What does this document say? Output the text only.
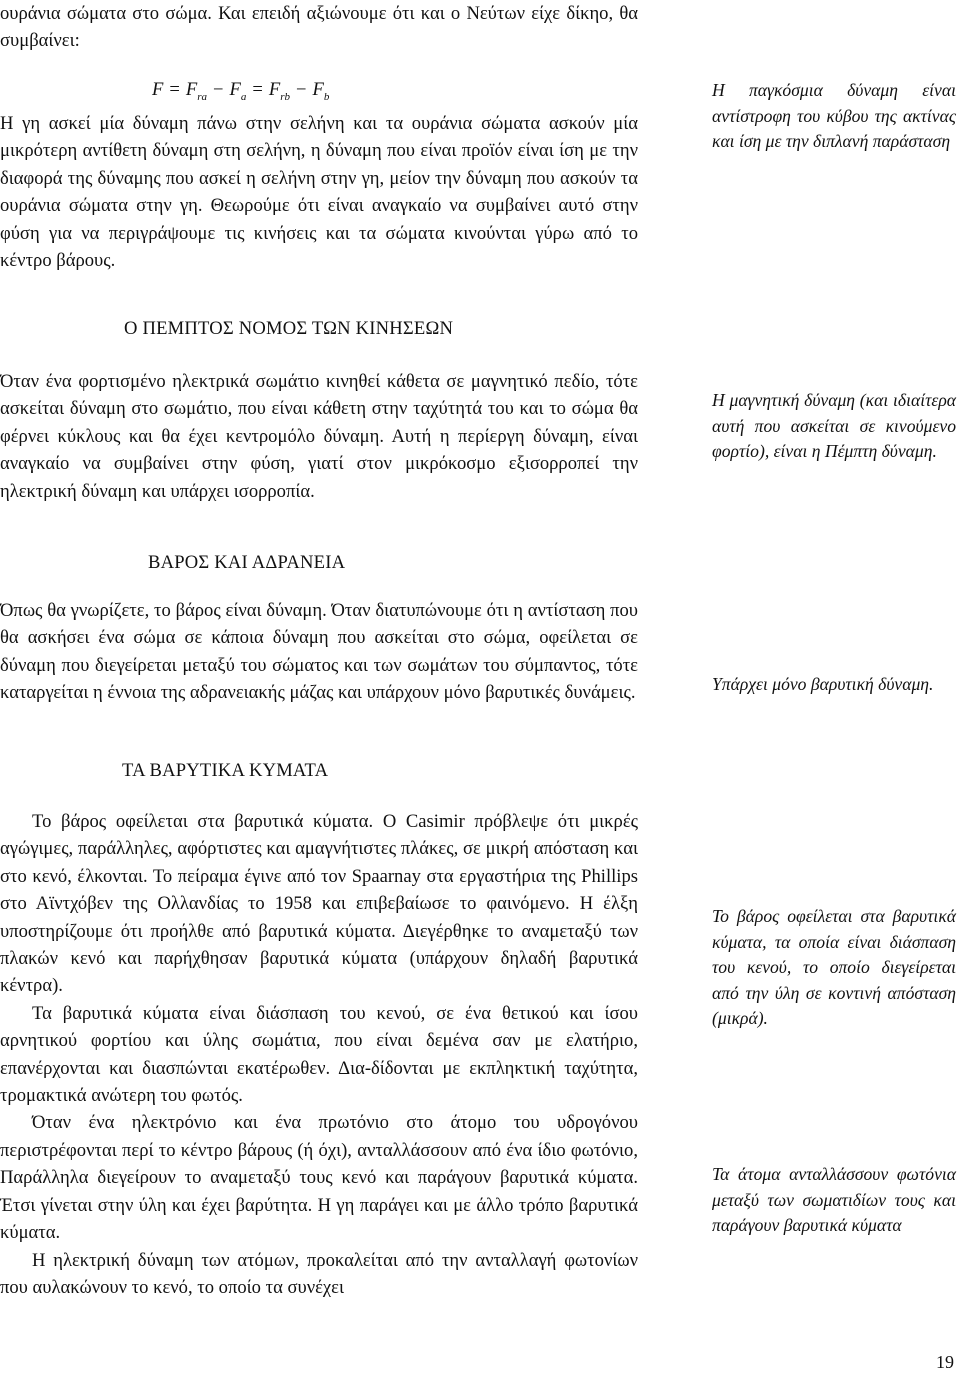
ουράνια σώματα στο σώμα. Και επειδή αξιώνουμε ότι και ο Νεύτων είχε δίκηο, θα συμβαίνει:

$F = F_{ra} - F_a = F_{rb} - F_b$

Η γη ασκεί μία δύναμη πάνω στην σελήνη και τα ουράνια σώματα ασκούν μία μικρότερη αντίθετη δύναμη στη σελήνη, η δύναμη που είναι προϊόν είναι ίση με την διαφορά της δύναμης που ασκεί η σελήνη στην γη, μείον την δύναμη που ασκούν τα ουράνια σώματα στην γη. Θεωρούμε ότι είναι αναγκαίο να συμβαίνει αυτό στην φύση για να περιγράψουμε τις κινήσεις και τα σώματα κινούνται γύρω από το κέντρο βάρους.

Ο ΠΕΜΠΤΟΣ ΝΟΜΟΣ ΤΩΝ ΚΙΝΗΣΕΩΝ

Όταν ένα φορτισμένο ηλεκτρικά σωμάτιο κινηθεί κάθετα σε μαγνητικό πεδίο, τότε ασκείται δύναμη στο σωμάτιο, που είναι κάθετη στην ταχύτητά του και το σώμα θα φέρνει κύκλους και θα έχει κεντρομόλο δύναμη. Αυτή η περίεργη δύναμη, είναι αναγκαίο να συμβαίνει στην φύση, γιατί στον μικρόκοσμο εξισορροπεί την ηλεκτρική δύναμη και υπάρχει ισορροπία.

ΒΑΡΟΣ ΚΑΙ ΑΔΡΑΝΕΙΑ

Όπως θα γνωρίζετε, το βάρος είναι δύναμη. Όταν διατυπώνουμε ότι η αντίσταση που θα ασκήσει ένα σώμα σε κάποια δύναμη που ασκείται στο σώμα, οφείλεται σε δύναμη που διεγείρεται μεταξύ του σώματος και των σωμάτων του σύμπαντος, τότε καταργείται η έννοια της αδρανειακής μάζας και υπάρχουν μόνο βαρυτικές δυνάμεις.

ΤΑ ΒΑΡΥΤΙΚΑ ΚΥΜΑΤΑ

Το βάρος οφείλεται στα βαρυτικά κύματα. Ο Casimir πρόβλεψε ότι μικρές αγώγιμες, παράλληλες, αφόρτιστες και αμαγνήτιστες πλάκες, σε μικρή απόσταση και στο κενό, έλκονται. Το πείραμα έγινε από τον Spaarnay στα εργαστήρια της Phillips στο Αϊντχόβεν της Ολλανδίας το 1958 και επιβεβαίωσε το φαινόμενο. Η έλξη υποστηρίζουμε ότι προήλθε από βαρυτικά κύματα. Διεγέρθηκε το αναμεταξύ των πλακών κενό και παρήχθησαν βαρυτικά κύματα (υπάρχουν δηλαδή βαρυτικά κέντρα).

Τα βαρυτικά κύματα είναι διάσπαση του κενού, σε ένα θετικού και ίσου αρνητικού φορτίου και ύλης σωμάτια, που είναι δεμένα σαν με ελατήριο, επανέρχονται και διασπώνται εκατέρωθεν. Δια-δίδονται με εκπληκτική ταχύτητα, τρομακτικά ανώτερη του φωτός.

Όταν ένα ηλεκτρόνιο και ένα πρωτόνιο στο άτομο του υδρογόνου περιστρέφονται περί το κέντρο βάρους (ή όχι), ανταλλάσσουν από ένα ίδιο φωτόνιο, Παράλληλα διεγείρουν το αναμεταξύ τους κενό και παράγουν βαρυτικά κύματα. Έτσι γίνεται στην ύλη και έχει βαρύτητα. Η γη παράγει και με άλλο τρόπο βαρυτικά κύματα.

Η ηλεκτρική δύναμη των ατόμων, προκαλείται από την ανταλλαγή φωτονίων που αυλακώνουν το κενό, το οποίο τα συνέχει

Η παγκόσμια δύναμη είναι αντίστροφη του κύβου της ακτίνας και ίση με την διπλανή παράσταση
Η μαγνητική δύναμη (και ιδιαίτερα αυτή που ασκείται σε κινούμενο φορτίο), είναι η Πέμπτη δύναμη.
Υπάρχει μόνο βαρυτική δύναμη.
Το βάρος οφείλεται στα βαρυτικά κύματα, τα οποία είναι διάσπαση του κενού, το οποίο διεγείρεται από την ύλη σε κοντινή απόσταση (μικρά).
Τα άτομα ανταλλάσσουν φωτόνια μεταξύ των σωματιδίων τους και παράγουν βαρυτικά κύματα
19
